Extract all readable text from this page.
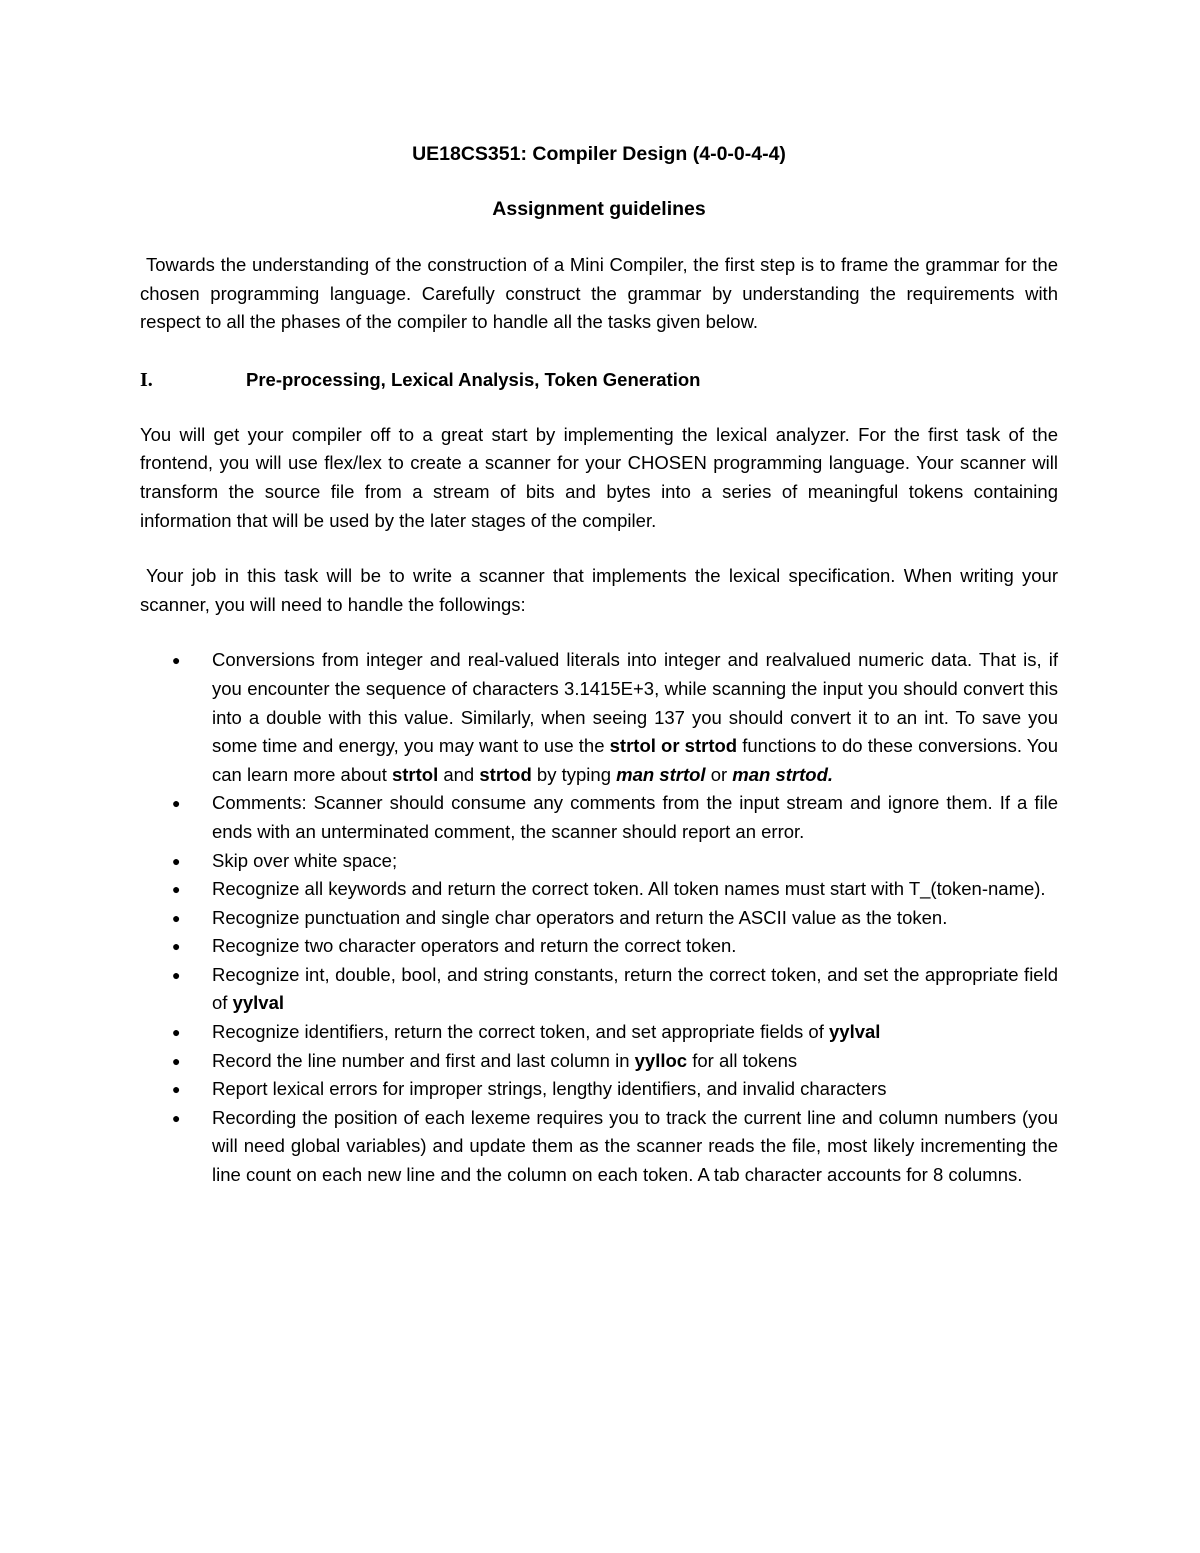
UE18CS351: Compiler Design (4-0-0-4-4)

Assignment guidelines

Towards the understanding of the construction of a Mini Compiler, the first step is to frame the grammar for the chosen programming language. Carefully construct the grammar by understanding the requirements with respect to all the phases of the compiler to handle all the tasks given below.

I.	Pre-processing, Lexical Analysis, Token Generation

You will get your compiler off to a great start by implementing the lexical analyzer. For the first task of the frontend, you will use flex/lex to create a scanner for your CHOSEN programming language. Your scanner will transform the source file from a stream of bits and bytes into a series of meaningful tokens containing information that will be used by the later stages of the compiler.

Your job in this task will be to write a scanner that implements the lexical specification. When writing your scanner, you will need to handle the followings:

● Conversions from integer and real-valued literals into integer and realvalued numeric data. That is, if you encounter the sequence of characters 3.1415E+3, while scanning the input you should convert this into a double with this value. Similarly, when seeing 137 you should convert it to an int. To save you some time and energy, you may want to use the strtol or strtod functions to do these conversions. You can learn more about strtol and strtod by typing man strtol or man strtod.
● Comments: Scanner should consume any comments from the input stream and ignore them. If a file ends with an unterminated comment, the scanner should report an error.
● Skip over white space;
● Recognize all keywords and return the correct token. All token names must start with T_(token-name).
● Recognize punctuation and single char operators and return the ASCII value as the token.
● Recognize two character operators and return the correct token.
● Recognize int, double, bool, and string constants, return the correct token, and set the appropriate field of yylval
● Recognize identifiers, return the correct token, and set appropriate fields of yylval
● Record the line number and first and last column in yylloc for all tokens
● Report lexical errors for improper strings, lengthy identifiers, and invalid characters
● Recording the position of each lexeme requires you to track the current line and column numbers (you will need global variables) and update them as the scanner reads the file, most likely incrementing the line count on each new line and the column on each token. A tab character accounts for 8 columns.
